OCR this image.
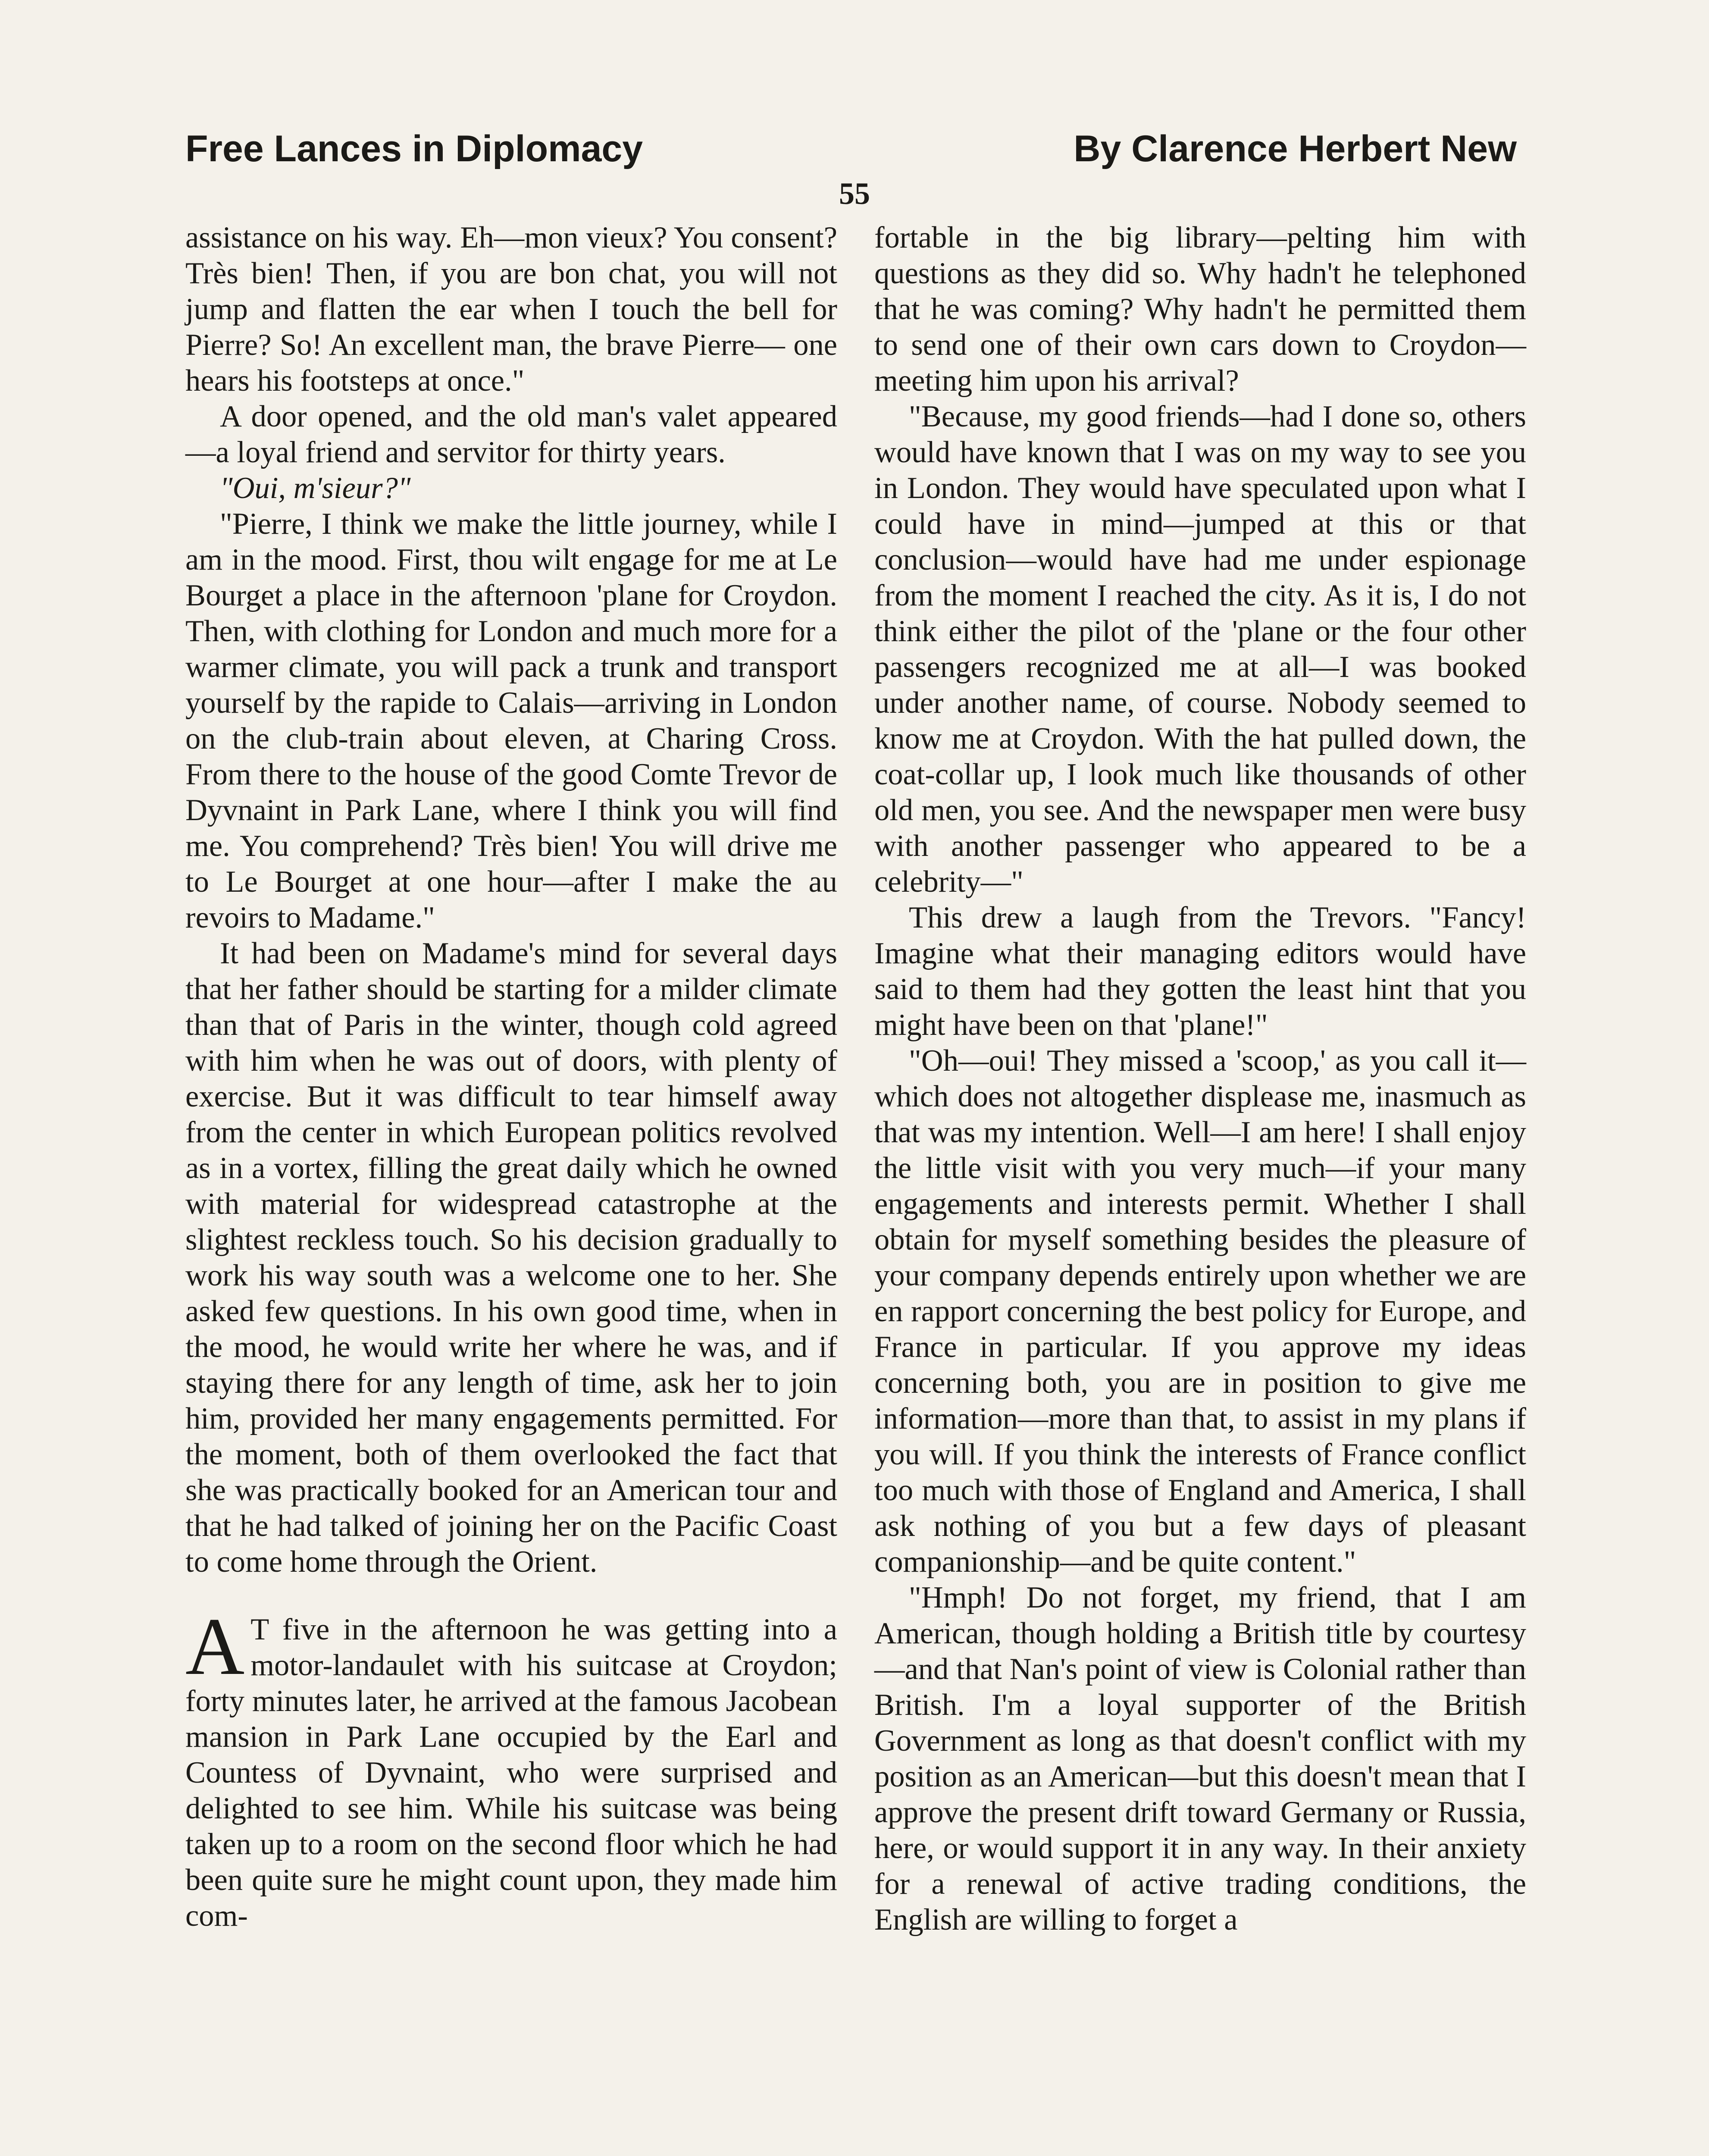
Free Lances in Diplomacy	By Clarence Herbert New
55

assistance on his way. Eh—mon vieux? You consent? Très bien! Then, if you are bon chat, you will not jump and flatten the ear when I touch the bell for Pierre? So! An excellent man, the brave Pierre— one hears his footsteps at once."

A door opened, and the old man's valet appeared—a loyal friend and servitor for thirty years.

"Oui, m'sieur?"

"Pierre, I think we make the little journey, while I am in the mood. First, thou wilt engage for me at Le Bourget a place in the afternoon 'plane for Croydon. Then, with clothing for London and much more for a warmer climate, you will pack a trunk and transport yourself by the rapide to Calais—arriving in London on the club-train about eleven, at Charing Cross. From there to the house of the good Comte Trevor de Dyvnaint in Park Lane, where I think you will find me. You comprehend? Très bien! You will drive me to Le Bourget at one hour—after I make the au revoirs to Madame."

It had been on Madame's mind for several days that her father should be starting for a milder climate than that of Paris in the winter, though cold agreed with him when he was out of doors, with plenty of exercise. But it was difficult to tear himself away from the center in which European politics revolved as in a vortex, filling the great daily which he owned with material for widespread catastrophe at the slightest reckless touch. So his decision gradually to work his way south was a welcome one to her. She asked few questions. In his own good time, when in the mood, he would write her where he was, and if staying there for any length of time, ask her to join him, provided her many engagements permitted. For the moment, both of them overlooked the fact that she was practically booked for an American tour and that he had talked of joining her on the Pacific Coast to come home through the Orient.

A T five in the afternoon he was getting into a motor-landaulet with his suitcase at Croydon; forty minutes later, he arrived at the famous Jacobean mansion in Park Lane occupied by the Earl and Countess of Dyvnaint, who were surprised and delighted to see him. While his suitcase was being taken up to a room on the second floor which he had been quite sure he might count upon, they made him com-

fortable in the big library—pelting him with questions as they did so. Why hadn't he telephoned that he was coming? Why hadn't he permitted them to send one of their own cars down to Croydon—meeting him upon his arrival?

"Because, my good friends—had I done so, others would have known that I was on my way to see you in London. They would have speculated upon what I could have in mind—jumped at this or that conclusion—would have had me under espionage from the moment I reached the city. As it is, I do not think either the pilot of the 'plane or the four other passengers recognized me at all—I was booked under another name, of course. Nobody seemed to know me at Croydon. With the hat pulled down, the coat-collar up, I look much like thousands of other old men, you see. And the newspaper men were busy with another passenger who appeared to be a celebrity—"

This drew a laugh from the Trevors. "Fancy! Imagine what their managing editors would have said to them had they gotten the least hint that you might have been on that 'plane!"

"Oh—oui! They missed a 'scoop,' as you call it—which does not altogether displease me, inasmuch as that was my intention. Well—I am here! I shall enjoy the little visit with you very much—if your many engagements and interests permit. Whether I shall obtain for myself something besides the pleasure of your company depends entirely upon whether we are en rapport concerning the best policy for Europe, and France in particular. If you approve my ideas concerning both, you are in position to give me information—more than that, to assist in my plans if you will. If you think the interests of France conflict too much with those of England and America, I shall ask nothing of you but a few days of pleasant companionship—and be quite content."

"Hmph! Do not forget, my friend, that I am American, though holding a British title by courtesy—and that Nan's point of view is Colonial rather than British. I'm a loyal supporter of the British Government as long as that doesn't conflict with my position as an American—but this doesn't mean that I approve the present drift toward Germany or Russia, here, or would support it in any way. In their anxiety for a renewal of active trading conditions, the English are willing to forget a
